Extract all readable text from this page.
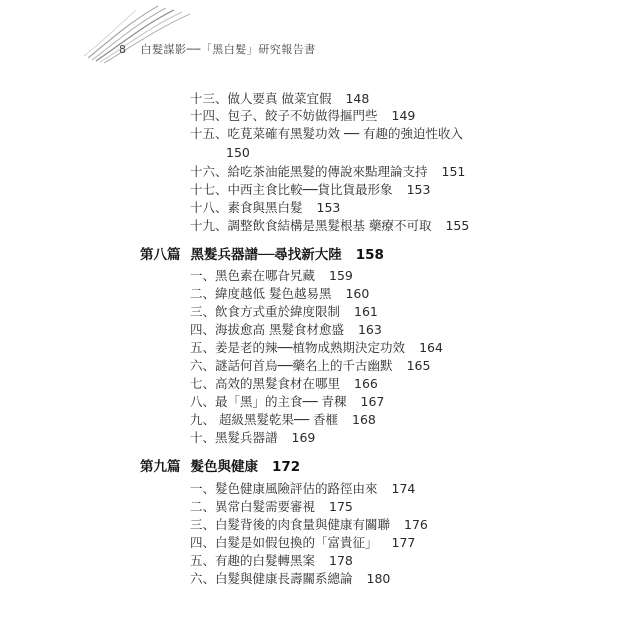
8 白髮謀影──「黑白髮」研究報告書
十三、做人要真 做菜宜假 148
十四、包子、餃子不妨做得摳門些 149
十五、吃莧菜確有黑髮功效 ── 有趣的強迫性收入
150
十六、給吃茶油能黑髮的傳說來點理論支持 151
十七、中西主食比較──貨比貨最形象 153
十八、素食與黑白髮 153
十九、調整飲食結構是黑髮根基 藥療不可取 155
第八篇 黑髮兵器譜──尋找新大陸 158
一、黑色素在哪旮旯藏 159
二、緯度越低 髮色越易黑 160
三、飲食方式重於緯度限制 161
四、海拔愈高 黑髮食材愈盛 163
五、姜是老的辣──植物成熟期決定功效 164
六、謎話何首烏──藥名上的千古幽默 165
七、高效的黑髮食材在哪里 166
八、最「黑」的主食── 青稞 167
九、 超級黑髮乾果── 香榧 168
十、黑髮兵器譜 169
第九篇 髮色與健康 172
一、髮色健康風險評估的路徑由來 174
二、異常白髮需要審視 175
三、白髮背後的肉食量與健康有關聯 176
四、白髮是如假包換的「富貴征」 177
五、有趣的白髮轉黑案 178
六、白髮與健康長壽關系總論 180
